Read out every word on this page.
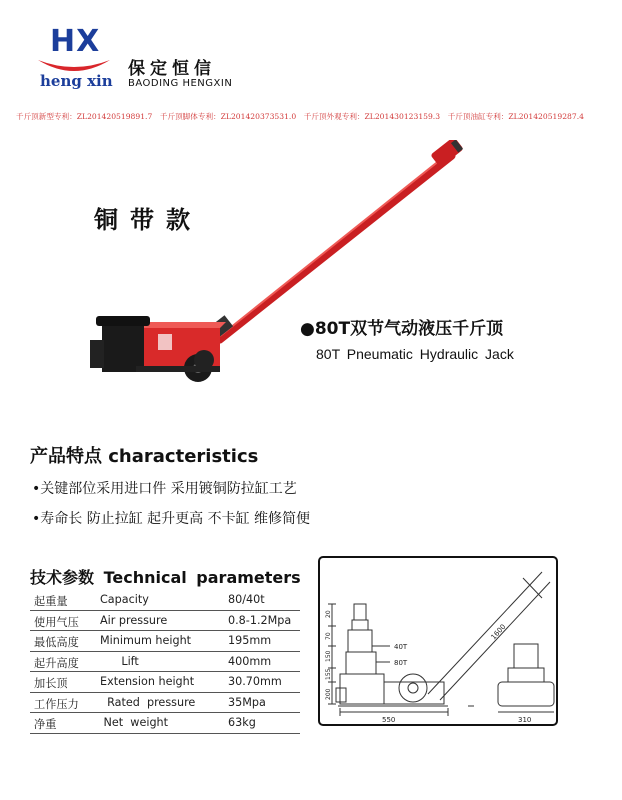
HX
heng xin
保定恒信
BAODING HENGXIN
千斤顶新型专利：ZL201420519891.7　千斤顶脚体专利：ZL201420373531.0　千斤顶外观专利：ZL201430123159.3　千斤顶油缸专利：ZL201420519287.4
铜带款
●80T双节气动液压千斤顶
80T Pneumatic Hydraulic Jack
产品特点 characteristics
•关键部位采用进口件 采用镀铜防拉缸工艺
•寿命长 防止拉缸 起升更高 不卡缸 维修简便
技术参数 Technical parameters
起重量	Capacity	80/40t
使用气压 Air pressure	0.8-1.2Mpa
最低高度 Minimum height	195mm
起升高度 Lift	400mm
加长顶	Extension height	30.70mm
工作压力 Rated  pressure	35Mpa
净重	Net  weight	63kg
40T
80T
550	310
1600
20
70
150
155
200
